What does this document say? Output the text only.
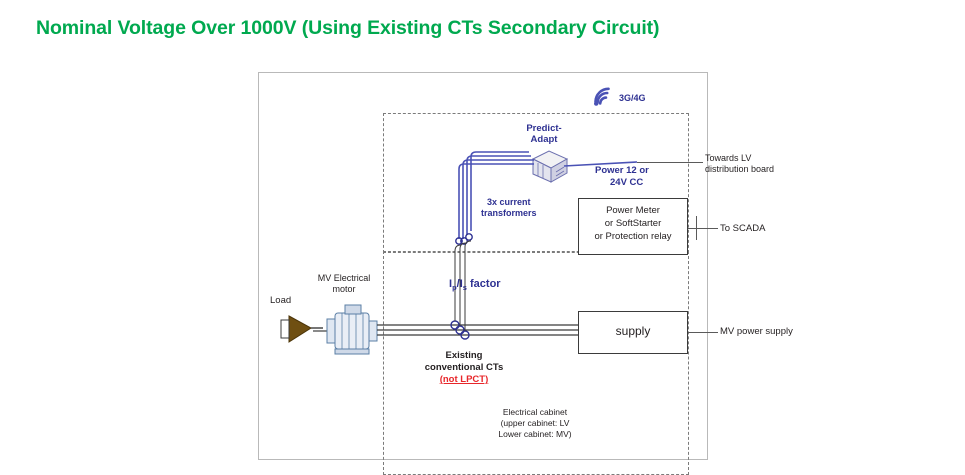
Nominal Voltage Over 1000V (Using Existing CTs Secondary Circuit)
3G/4G
Predict-
Adapt
Power 12 or
24V CC
3x current
transformers	Power Meter
or SoftStarter
or Protection relay
supply
Towards LV
distribution board
To SCADA
MV power supply
Load
MV Electrical
motor	$I_p/I_s$ factor
Existing
conventional CTs
(not LPCT)
Electrical cabinet
(upper cabinet: LV
Lower cabinet: MV)
